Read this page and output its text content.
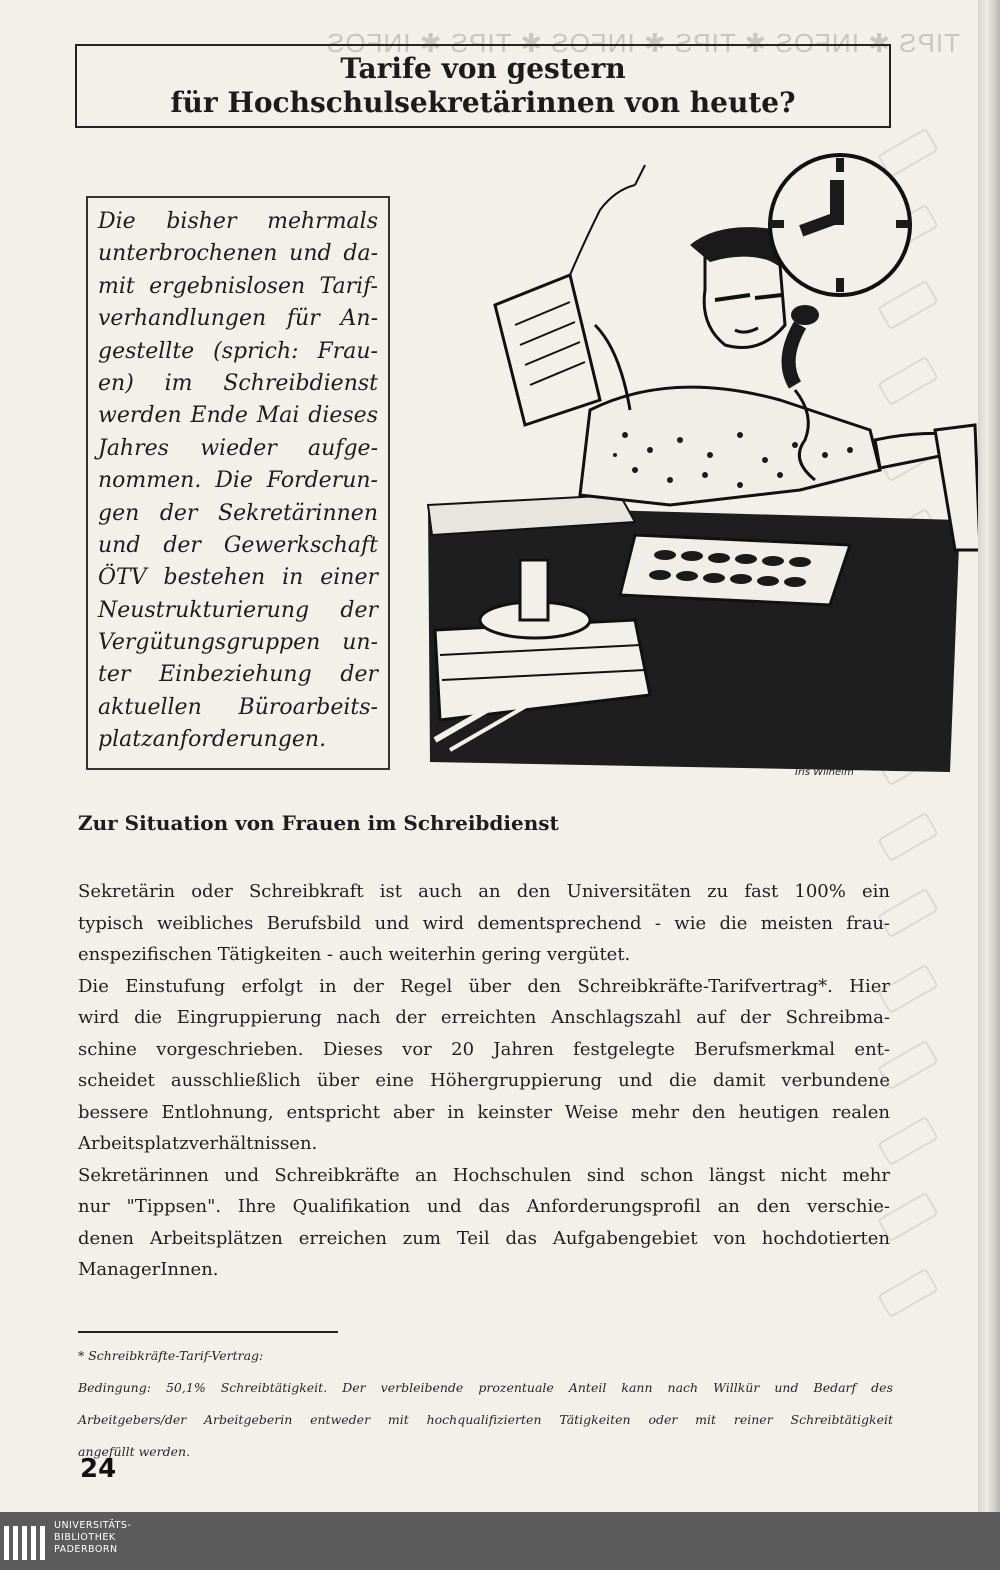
TIPS ✱ INFOS ✱ TIPS ✱ INFOS ✱ TIPS ✱ INFOS
Tarife von gestern
für Hochschulsekretärinnen von heute?
Die bisher mehrmals
unterbrochenen und da-
mit ergebnislosen Tarif-
verhandlungen für An-
gestellte (sprich: Frau-
en) im Schreibdienst
werden Ende Mai dieses
Jahres wieder aufge-
nommen. Die Forderun-
gen der Sekretärinnen
und der Gewerkschaft
ÖTV bestehen in einer
Neustrukturierung der
Vergütungsgruppen un-
ter Einbeziehung der
aktuellen Büroarbeits-
platzanforderungen.
Iris Wilhelm
Zur Situation von Frauen im Schreibdienst
Sekretärin oder Schreibkraft ist auch an den Universitäten zu fast 100% ein
typisch weibliches Berufsbild und wird dementsprechend - wie die meisten frau-
enspezifischen Tätigkeiten - auch weiterhin gering vergütet.
Die Einstufung erfolgt in der Regel über den Schreibkräfte-Tarifvertrag*. Hier
wird die Eingruppierung nach der erreichten Anschlagszahl auf der Schreibma-
schine vorgeschrieben. Dieses vor 20 Jahren festgelegte Berufsmerkmal ent-
scheidet ausschließlich über eine Höhergruppierung und die damit verbundene
bessere Entlohnung, entspricht aber in keinster Weise mehr den heutigen realen
Arbeitsplatzverhältnissen.
Sekretärinnen und Schreibkräfte an Hochschulen sind schon längst nicht mehr
nur "Tippsen". Ihre Qualifikation und das Anforderungsprofil an den verschie-
denen Arbeitsplätzen erreichen zum Teil das Aufgabengebiet von hochdotierten
ManagerInnen.
* Schreibkräfte-Tarif-Vertrag:
Bedingung: 50,1% Schreibtätigkeit. Der verbleibende prozentuale Anteil kann nach Willkür und Bedarf des
Arbeitgebers/der Arbeitgeberin entweder mit hochqualifizierten Tätigkeiten oder mit reiner Schreibtätigkeit
angefüllt werden.
24
UNIVERSITÄTS-
BIBLIOTHEK
PADERBORN
